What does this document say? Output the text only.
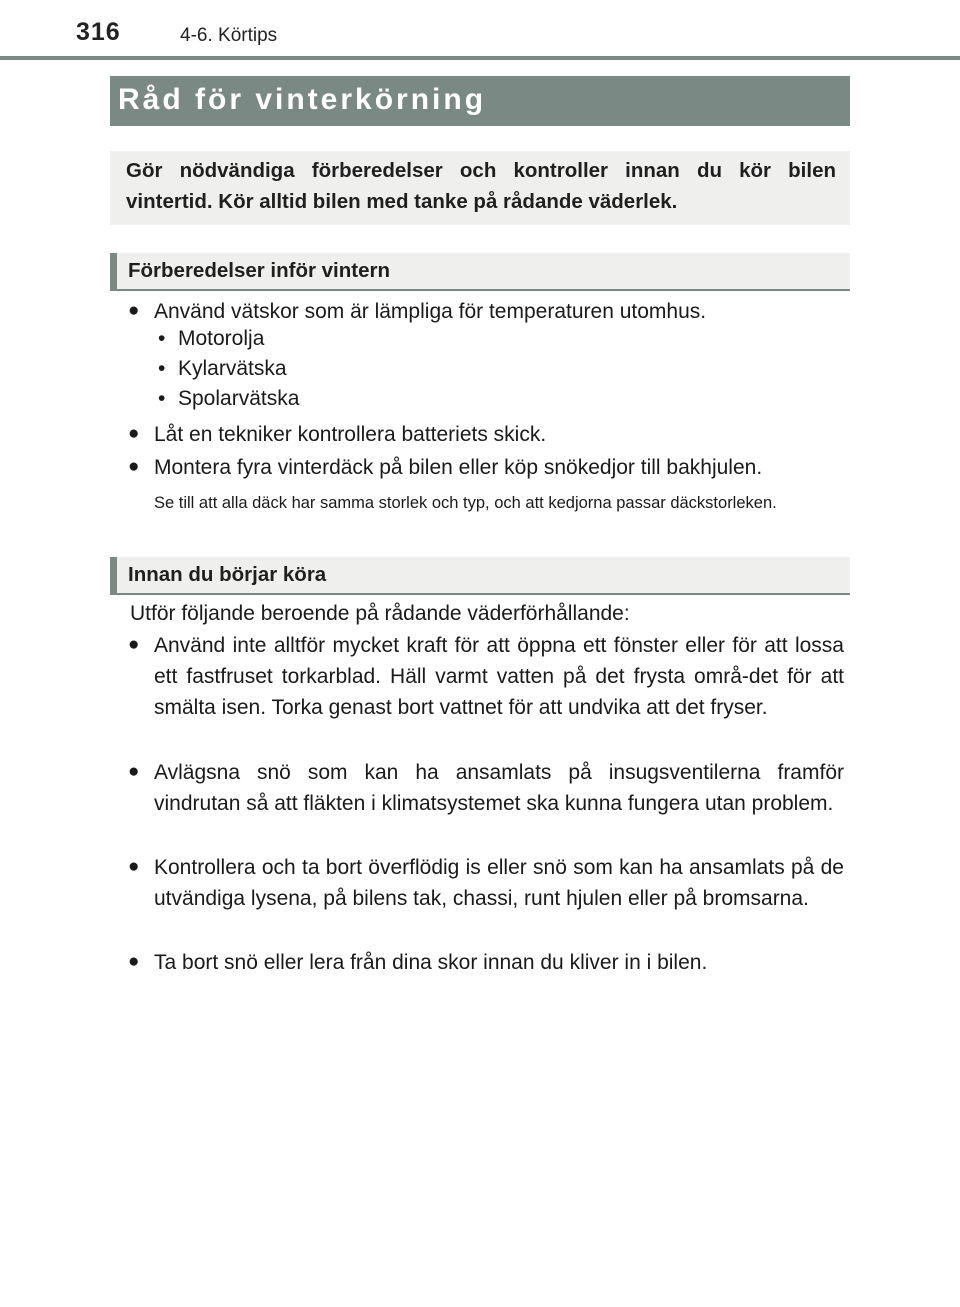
316	4-6. Körtips
Råd för vinterkörning
Gör nödvändiga förberedelser och kontroller innan du kör bilen vintertid. Kör alltid bilen med tanke på rådande väderlek.
Förberedelser inför vintern
● Använd vätskor som är lämpliga för temperaturen utomhus.
• Motorolja
• Kylarvätska
• Spolarvätska
● Låt en tekniker kontrollera batteriets skick.
● Montera fyra vinterdäck på bilen eller köp snökedjor till bakhjulen.
Se till att alla däck har samma storlek och typ, och att kedjorna passar däckstorleken.
Innan du börjar köra
Utför följande beroende på rådande väderförhållande:
● Använd inte alltför mycket kraft för att öppna ett fönster eller för att lossa ett fastfruset torkarblad. Häll varmt vatten på det frysta områ-det för att smälta isen. Torka genast bort vattnet för att undvika att det fryser.
● Avlägsna snö som kan ha ansamlats på insugsventilerna framför vindrutan så att fläkten i klimatsystemet ska kunna fungera utan problem.
● Kontrollera och ta bort överflödig is eller snö som kan ha ansamlats på de utvändiga lysena, på bilens tak, chassi, runt hjulen eller på bromsarna.
● Ta bort snö eller lera från dina skor innan du kliver in i bilen.
